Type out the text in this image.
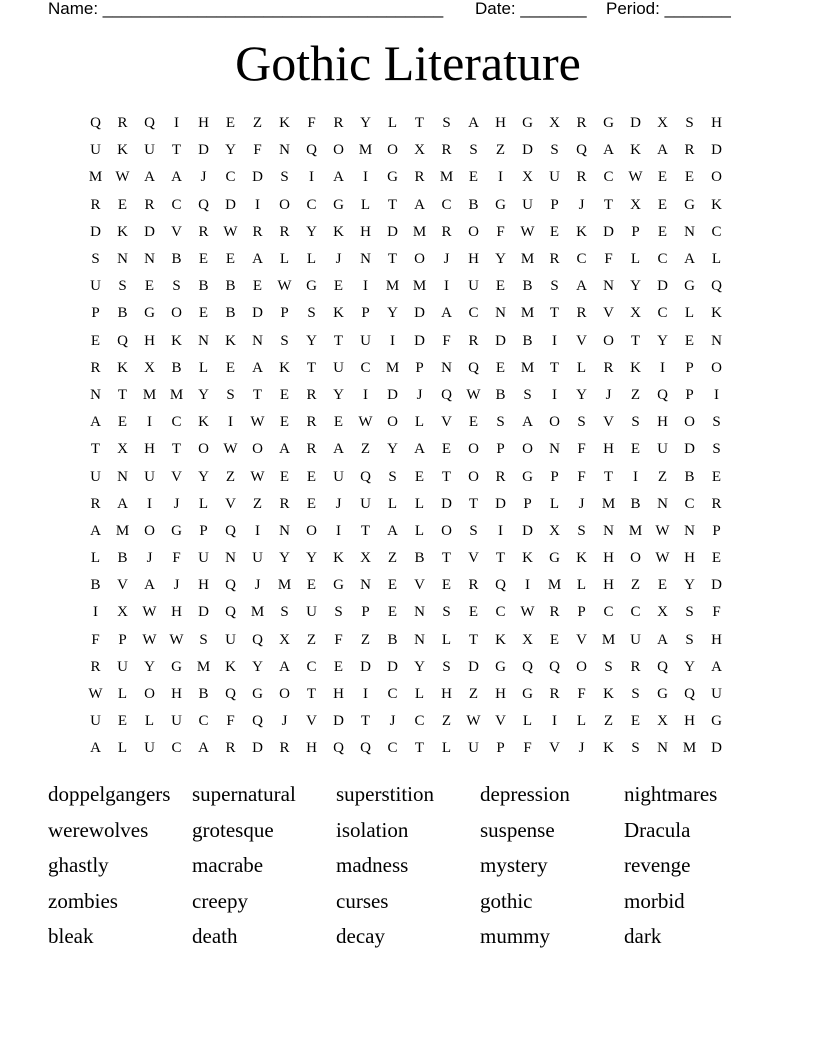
Name: ____________________________________ Date: _______ Period: _______
Gothic Literature
Q	R	Q	I	H	E	Z	K	F	R	Y	L	T	S	A	H	G	X	R	G	D	X	S	H
U	K	U	T	D	Y	F	N	Q	O M O	X	R	S	Z	D	S	Q	A	K	A	R	D
M W A	A	J	C	D	S	I	A	I	G	R	M	E	I	X	U	R	C W	E	E	O
R	E	R	C	Q	D	I	O	C	G	L	T	A	C	B	G	U	P	J	T	X	E	G	K
D	K	D	V	R W R	R	Y	K	H	D M	R	O	F	W	E	K	D	P	E	N	C
S	N	N	B	E	E	A	L	L	J	N	T	O	J	H	Y M	R	C	F	L	C	A	L
U	S	E	S	B	B	E	W G	E	I	M M	I	U	E	B	S	A	N	Y	D	G	Q
P	B	G	O	E	B	D	P	S	K	P	Y	D	A	C	N M	T	R	V	X	C	L	K
E	Q	H	K	N	K	N	S	Y	T	U	I	D	F	R	D	B	I	V	O	T	Y	E	N
R	K	X	B	L	E	A	K	T	U	C	M	P	N	Q	E	M	T	L	R	K	I	P	O
N	T	M M Y	S	T	E	R	Y	I	D	J	Q W B	S	I	Y	J	Z	Q	P	I
A	E	I	C	K	I	W	E	R	E	W O	L	V	E	S	A	O	S	V	S	H	O	S
T	X	H	T	O W O	A	R	A	Z	Y	A	E	O	P	O	N	F	H	E	U	D	S
U	N	U	V	Y	Z	W	E	E	U	Q	S	E	T	O	R	G	P	F	T	I	Z	B	E
R	A	I	J	L	V	Z	R	E	J	U	L	L	D	T	D	P	L	J	M	B	N	C	R
A M O	G	P	Q	I	N	O	I	T	A	L	O	S	I	D	X	S	N M W N	P
L	B	J	F	U	N	U	Y	Y	K	X	Z	B	T	V	T	K	G	K	H	O W H	E
B	V	A	J	H	Q	J	M	E	G	N	E	V	E	R	Q	I	M	L	H	Z	E	Y	D
I	X W H	D	Q M	S	U	S	P	E	N	S	E	C W R	P	C	C	X	S	F
F	P	W W	S	U	Q	X	Z	F	Z	B	N	L	T	K	X	E	V M U	A	S	H
R	U	Y	G M K	Y	A	C	E	D	D	Y	S	D	G	Q	Q	O	S	R	Q	Y	A
W	L	O	H	B	Q	G	O	T	H	I	C	L	H	Z	H	G	R	F	K	S	G	Q	U
U	E	L	U	C	F	Q	J	V	D	T	J	C	Z	W V	L	I	L	Z	E	X	H	G
A	L	U	C	A	R	D	R	H	Q	Q	C	T	L	U	P	F	V	J	K	S	N M D
doppelgangers	supernatural	superstition	depression	nightmares
werewolves	grotesque	isolation	suspense	Dracula
ghastly	macrabe	madness	mystery	revenge
zombies	creepy	curses	gothic	morbid
bleak	death	decay	mummy	dark
